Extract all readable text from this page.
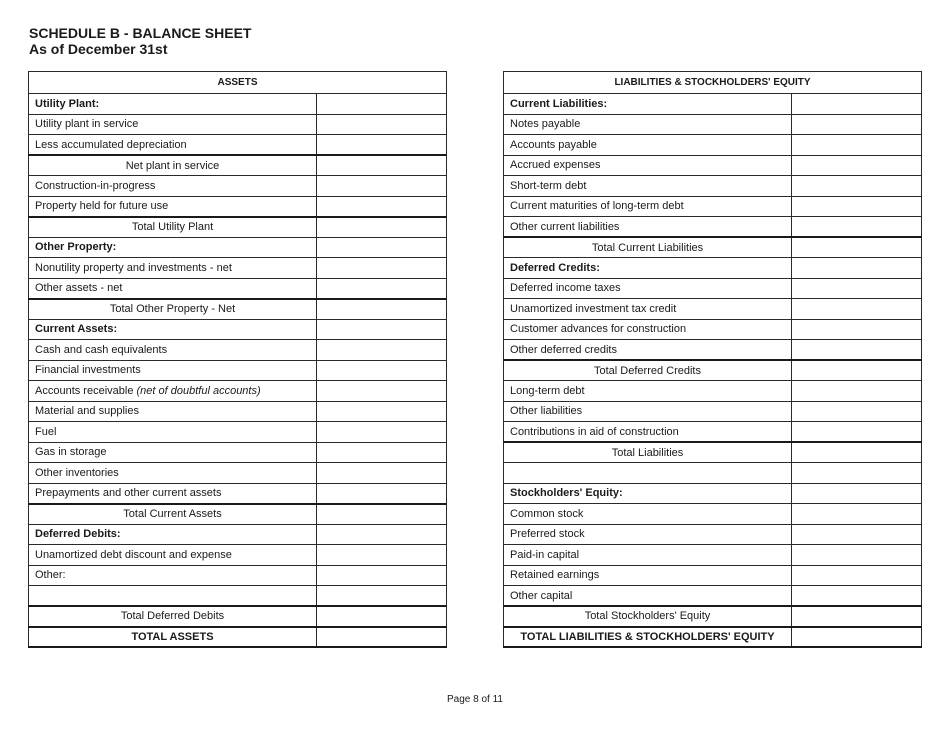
SCHEDULE B - BALANCE SHEET
As of December 31st
ASSETS	
Utility Plant:	
Utility plant in service	
Less accumulated depreciation	
Net plant in service	
Construction-in-progress	
Property held for future use	
Total Utility Plant	
Other Property:	
Nonutility property and investments - net	
Other assets - net	
Total Other Property - Net	
Current Assets:	
Cash and cash equivalents	
Financial investments	
Accounts receivable (net of doubtful accounts)	
Material and supplies	
Fuel	
Gas in storage	
Other inventories	
Prepayments and other current assets	
Total Current Assets	
Deferred Debits:	
Unamortized debt discount and expense	
Other:	

Total Deferred Debits	
TOTAL ASSETS	
LIABILITIES & STOCKHOLDERS' EQUITY	
Current Liabilities:	
Notes payable	
Accounts payable	
Accrued expenses	
Short-term debt	
Current maturities of long-term debt	
Other current liabilities	
Total Current Liabilities	
Deferred Credits:	
Deferred income taxes	
Unamortized investment tax credit	
Customer advances for construction	
Other deferred credits	
Total Deferred Credits	
Long-term debt	
Other liabilities	
Contributions in aid of construction	
Total Liabilities	

Stockholders' Equity:	
Common stock	
Preferred stock	
Paid-in capital	
Retained earnings	
Other capital	
Total Stockholders' Equity	
TOTAL LIABILITIES & STOCKHOLDERS' EQUITY	
Page 8 of 11
